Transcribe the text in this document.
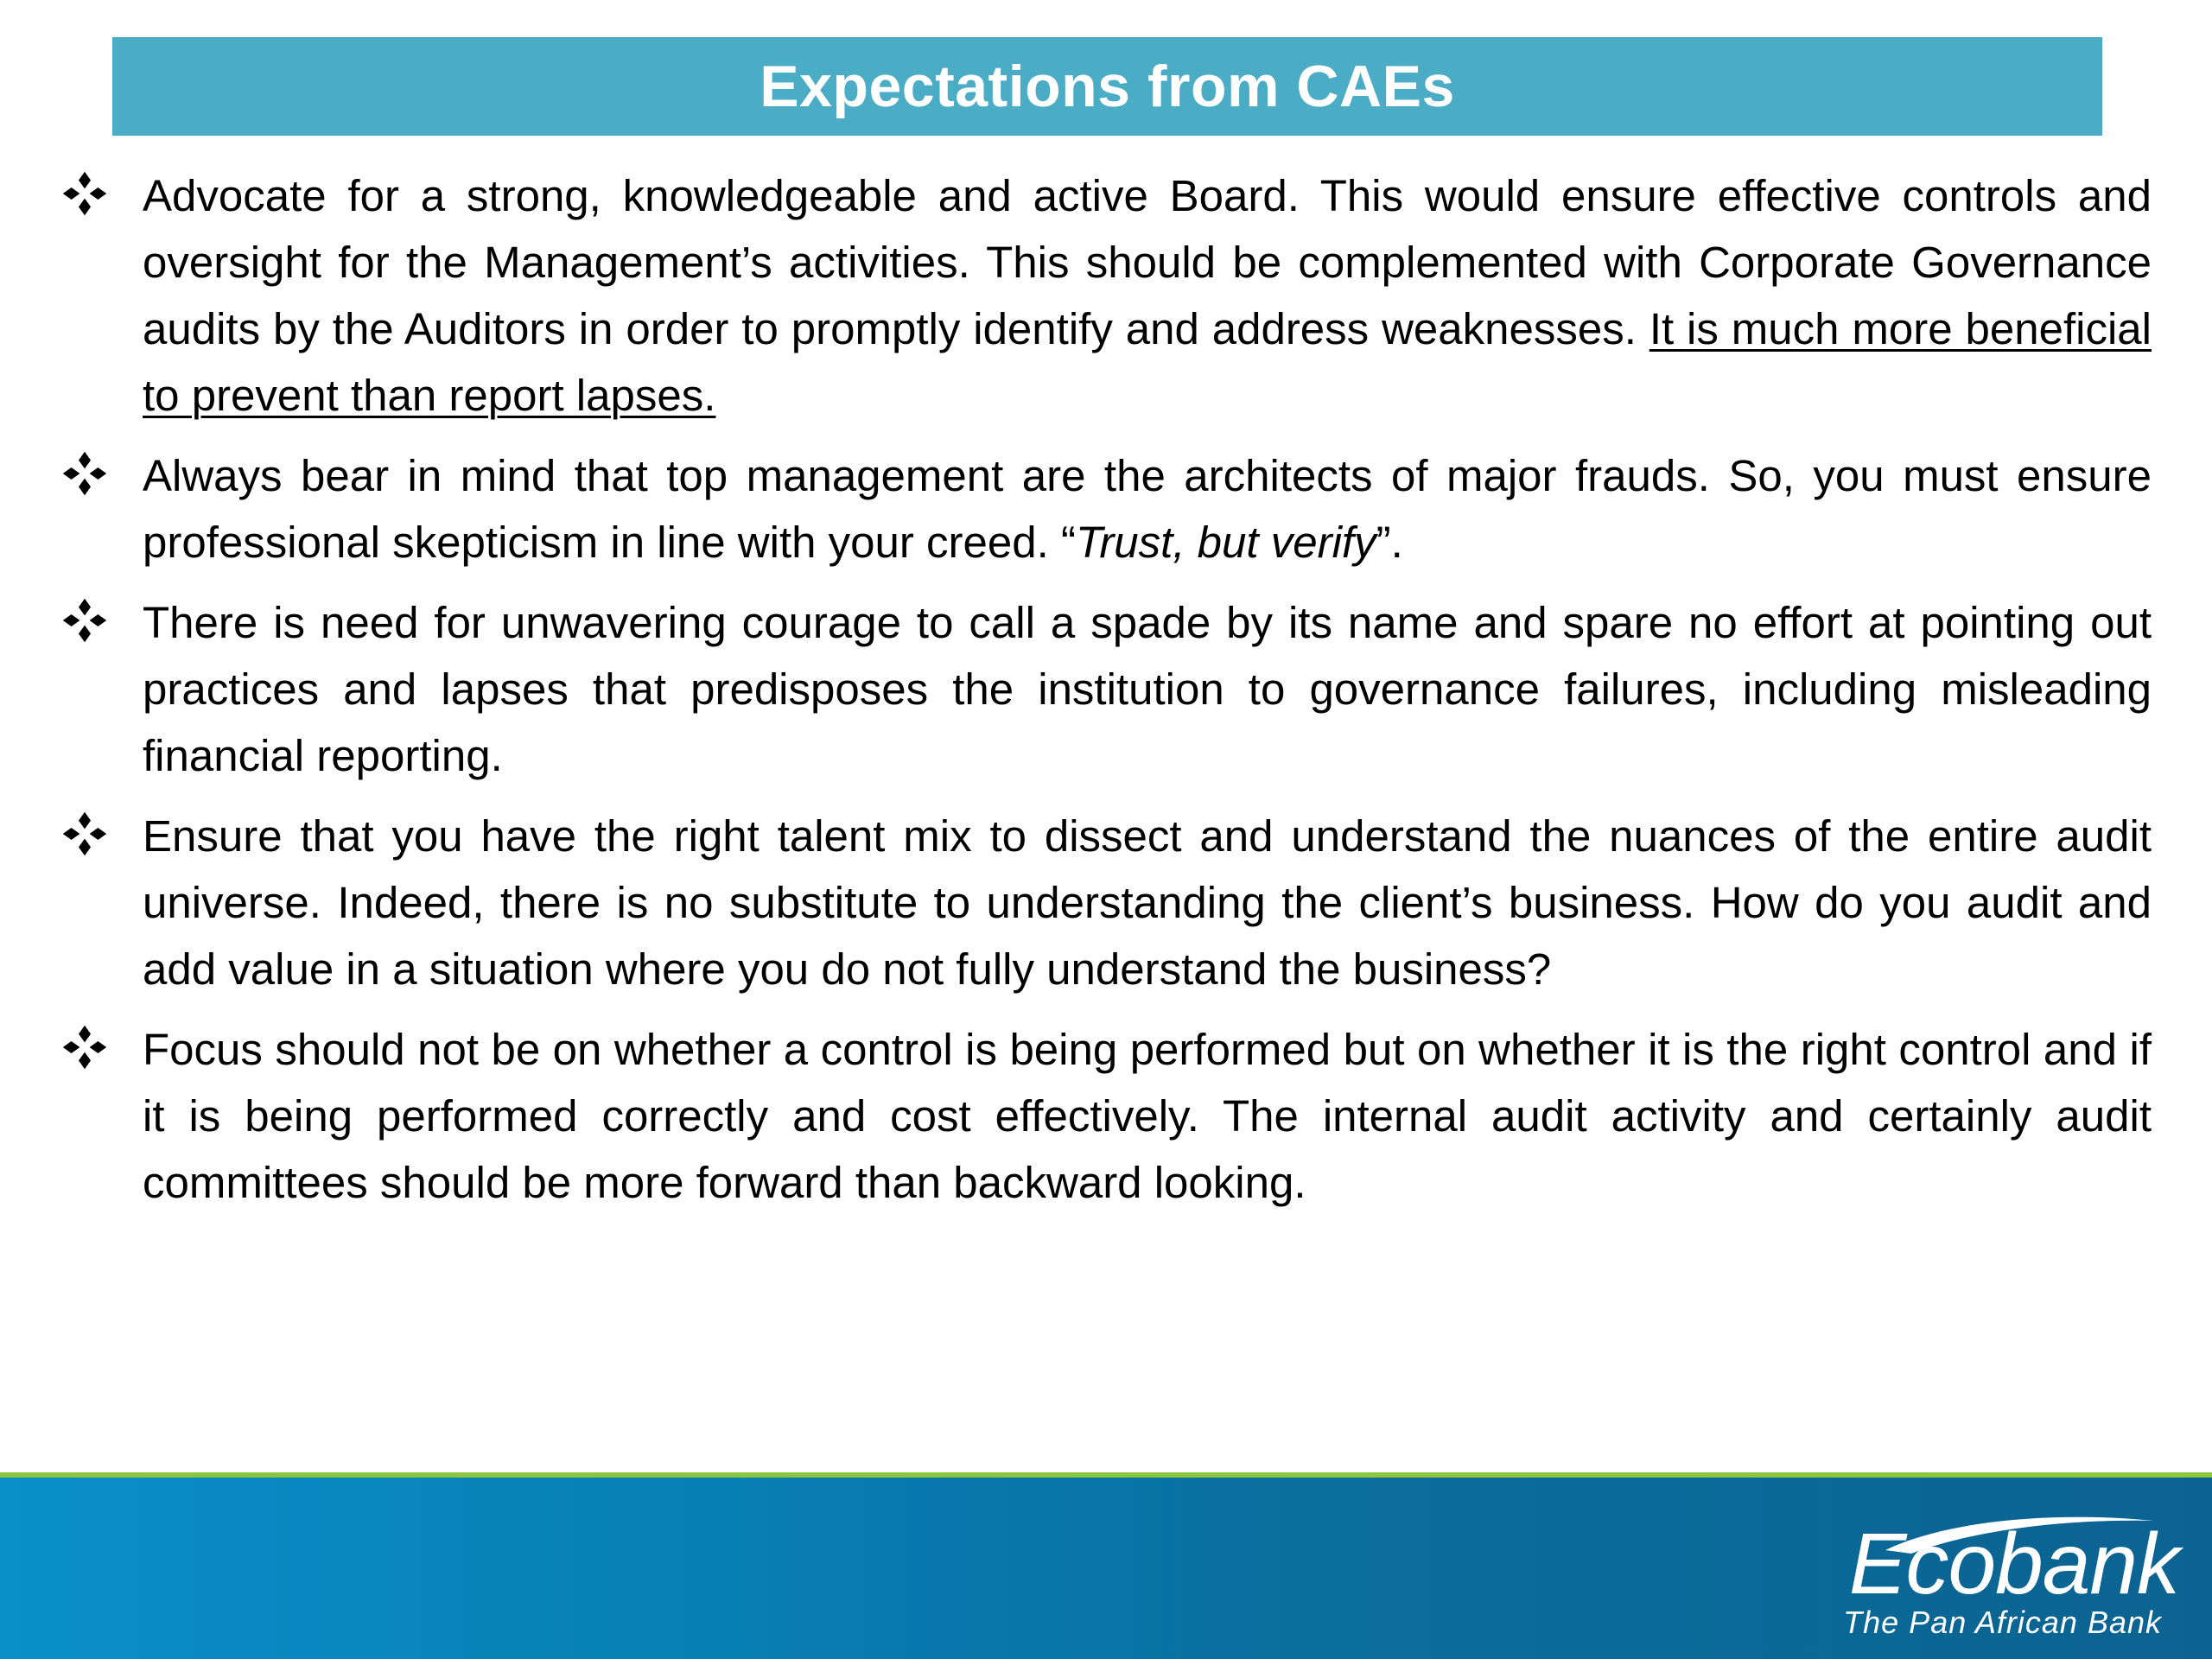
Expectations from CAEs
Advocate for a strong, knowledgeable and active Board. This would ensure effective controls and oversight for the Management’s activities. This should be complemented with Corporate Governance audits by the Auditors in order to promptly identify and address weaknesses. It is much more beneficial to prevent than report lapses.
Always bear in mind that top management are the architects of major frauds. So, you must ensure professional skepticism in line with your creed. “Trust, but verify”.
There is need for unwavering courage to call a spade by its name and spare no effort at pointing out practices and lapses that predisposes the institution to governance failures, including misleading financial reporting.
Ensure that you have the right talent mix to dissect and understand the nuances of the entire audit universe. Indeed, there is no substitute to understanding the client’s business. How do you audit and add value in a situation where you do not fully understand the business?
Focus should not be on whether a control is being performed but on whether it is the right control and if it is being performed correctly and cost effectively. The internal audit activity and certainly audit committees should be more forward than backward looking.
Ecobank
The Pan African Bank
